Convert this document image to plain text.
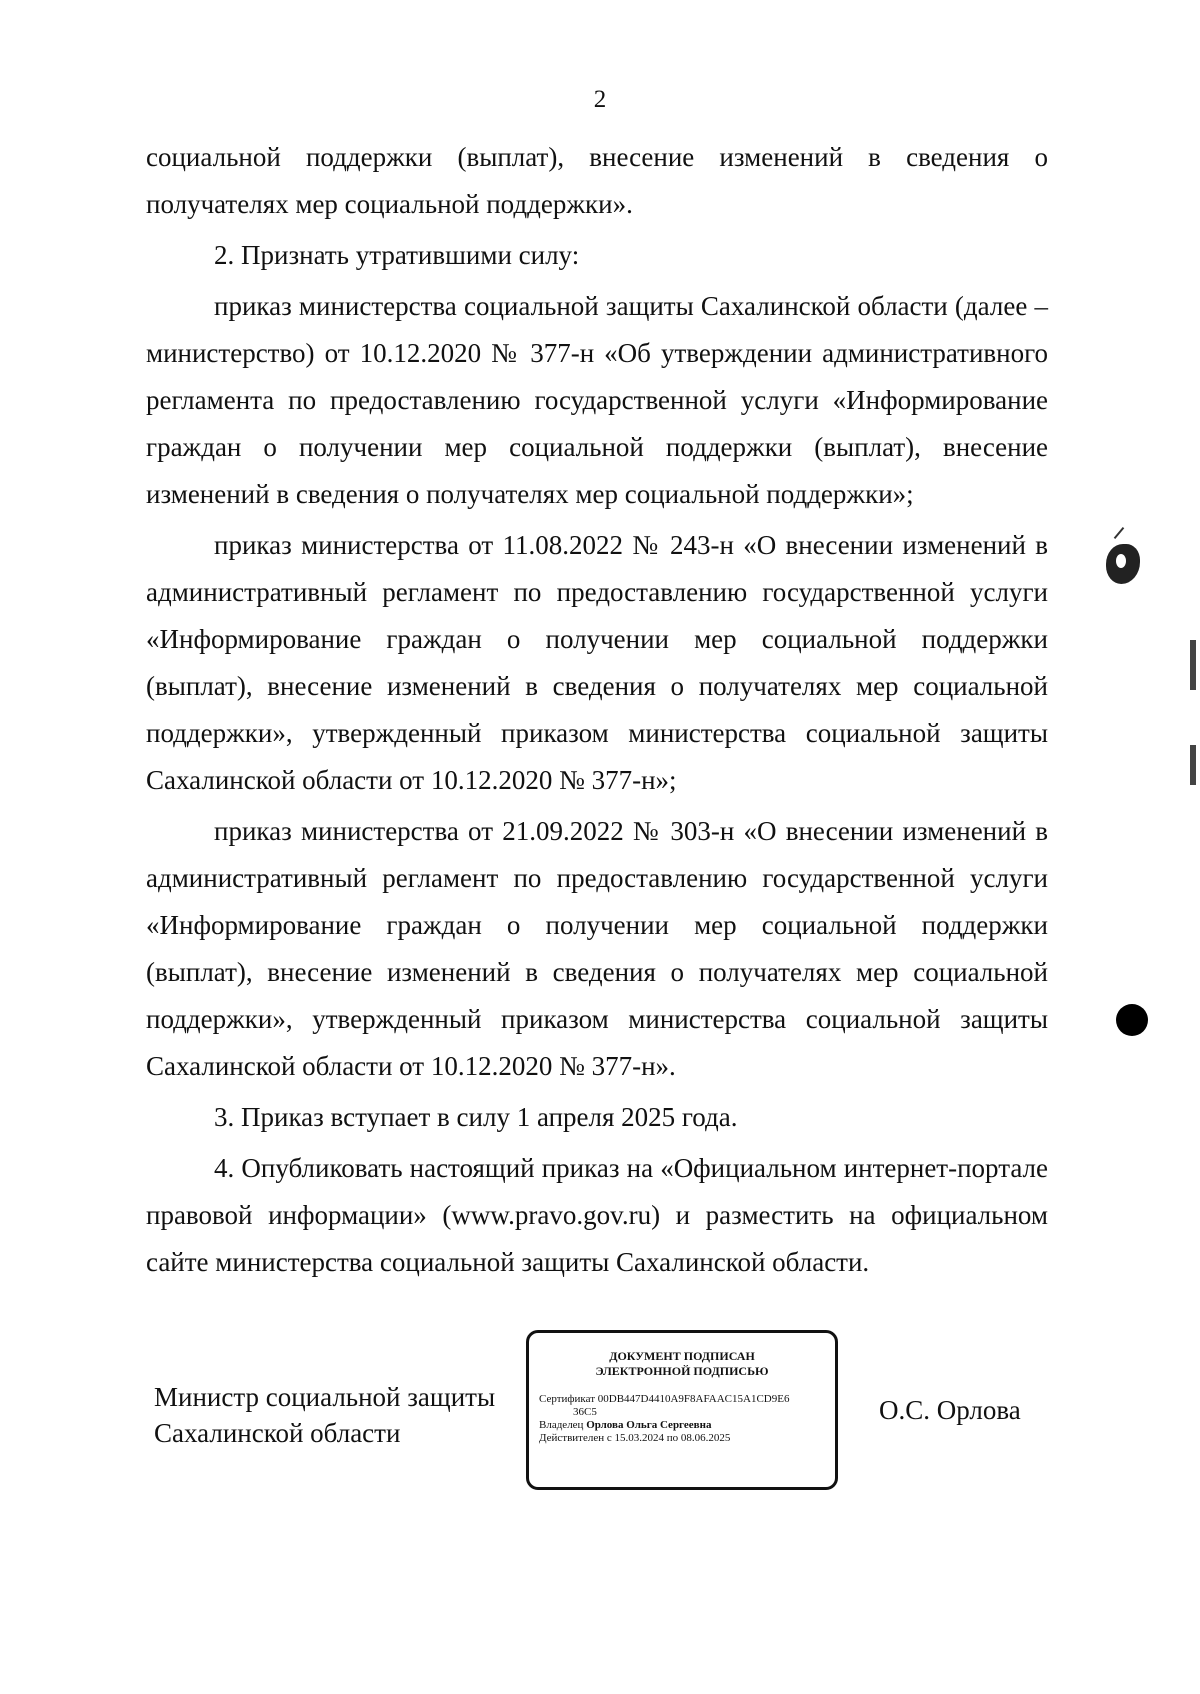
2

социальной поддержки (выплат), внесение изменений в сведения о получателях мер социальной поддержки».

2. Признать утратившими силу:

приказ министерства социальной защиты Сахалинской области (далее – министерство) от 10.12.2020 № 377-н «Об утверждении административного регламента по предоставлению государственной услуги «Информирование граждан о получении мер социальной поддержки (выплат), внесение изменений в сведения о получателях мер социальной поддержки»;

приказ министерства от 11.08.2022 № 243-н «О внесении изменений в административный регламент по предоставлению государственной услуги «Информирование граждан о получении мер социальной поддержки (выплат), внесение изменений в сведения о получателях мер социальной поддержки», утвержденный приказом министерства социальной защиты Сахалинской области от 10.12.2020 № 377-н»;

приказ министерства от 21.09.2022 № 303-н «О внесении изменений в административный регламент по предоставлению государственной услуги «Информирование граждан о получении мер социальной поддержки (выплат), внесение изменений в сведения о получателях мер социальной поддержки», утвержденный приказом министерства социальной защиты Сахалинской области от 10.12.2020 № 377-н».

3. Приказ вступает в силу 1 апреля 2025 года.

4. Опубликовать настоящий приказ на «Официальном интернет-портале правовой информации» (www.pravo.gov.ru) и разместить на официальном сайте министерства социальной защиты Сахалинской области.

Министр социальной защиты
Сахалинской области
ДОКУМЕНТ ПОДПИСАН
ЭЛЕКТРОННОЙ ПОДПИСЬЮ
Сертификат 00DB447D4410A9F8AFAAC15A1CD9E6
36C5
Владелец Орлова Ольга Сергеевна
Действителен с 15.03.2024 по 08.06.2025
О.С. Орлова
